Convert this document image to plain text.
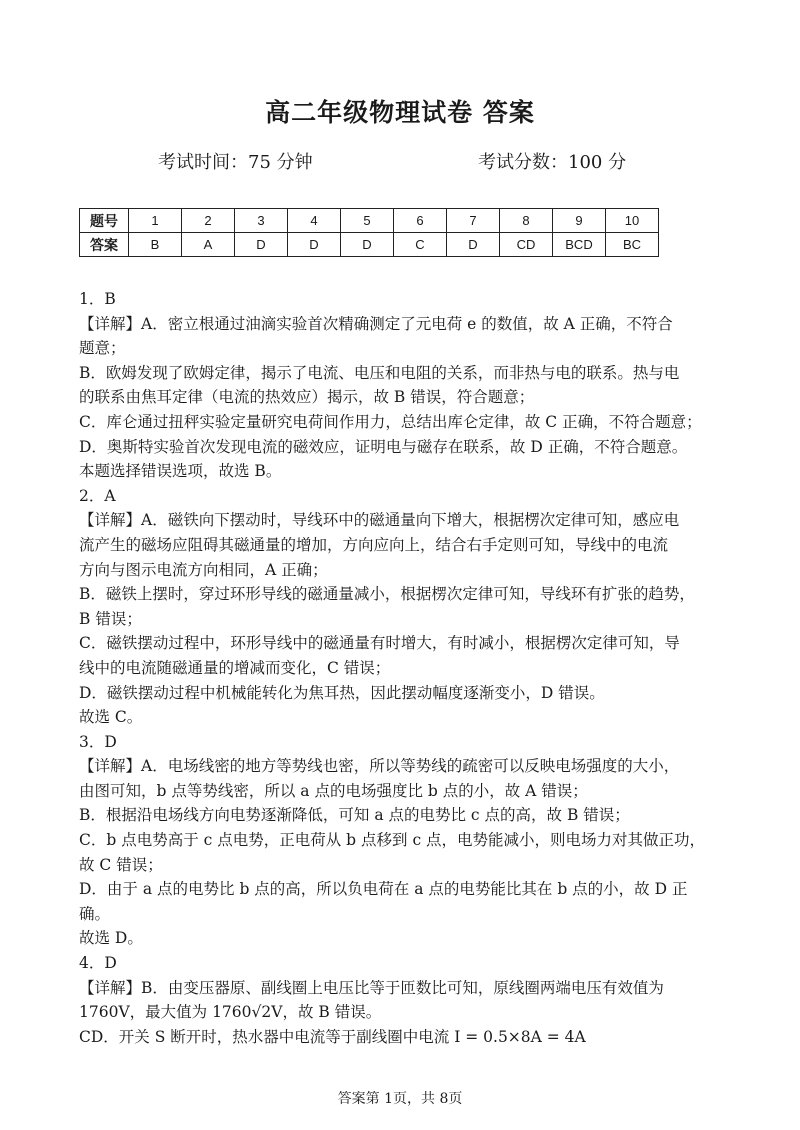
高二年级物理试卷 答案
考试时间：75 分钟	考试分数：100 分
题号	1	2	3	4	5	6	7	8	9	10
答案	B	A	D	D	D	C	D	CD	BCD	BC

1．B

【详解】A．密立根通过油滴实验首次精确测定了元电荷 e 的数值，故 A 正确，不符合

题意；

B．欧姆发现了欧姆定律，揭示了电流、电压和电阻的关系，而非热与电的联系。热与电

的联系由焦耳定律（电流的热效应）揭示，故 B 错误，符合题意；

C．库仑通过扭秤实验定量研究电荷间作用力，总结出库仑定律，故 C 正确，不符合题意；

D．奥斯特实验首次发现电流的磁效应，证明电与磁存在联系，故 D 正确，不符合题意。

本题选择错误选项，故选 B。

2．A

【详解】A．磁铁向下摆动时，导线环中的磁通量向下增大，根据楞次定律可知，感应电

流产生的磁场应阻碍其磁通量的增加，方向应向上，结合右手定则可知，导线中的电流

方向与图示电流方向相同，A 正确；

B．磁铁上摆时，穿过环形导线的磁通量减小，根据楞次定律可知，导线环有扩张的趋势，

B 错误；

C．磁铁摆动过程中，环形导线中的磁通量有时增大，有时减小，根据楞次定律可知，导

线中的电流随磁通量的增减而变化，C 错误；

D．磁铁摆动过程中机械能转化为焦耳热，因此摆动幅度逐渐变小，D 错误。

故选 C。

3．D

【详解】A．电场线密的地方等势线也密，所以等势线的疏密可以反映电场强度的大小，

由图可知，b 点等势线密，所以 a 点的电场强度比 b 点的小，故 A 错误；

B．根据沿电场线方向电势逐渐降低，可知 a 点的电势比 c 点的高，故 B 错误；

C．b 点电势高于 c 点电势，正电荷从 b 点移到 c 点，电势能减小，则电场力对其做正功，

故 C 错误；

D．由于 a 点的电势比 b 点的高，所以负电荷在 a 点的电势能比其在 b 点的小，故 D 正

确。

故选 D。

4．D

【详解】B．由变压器原、副线圈上电压比等于匝数比可知，原线圈两端电压有效值为

1760V，最大值为 1760√2V，故 B 错误。

CD．开关 S 断开时，热水器中电流等于副线圈中电流 I = 0.5×8A = 4A

答案第 1页，共 8页
